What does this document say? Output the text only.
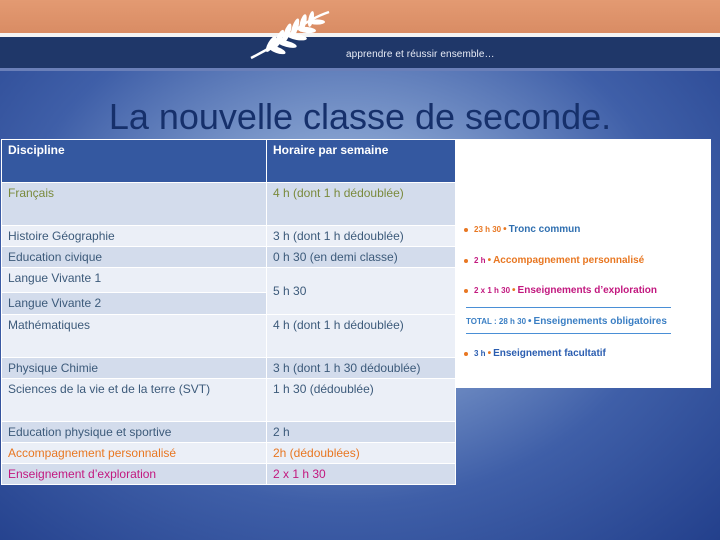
apprendre et réussir ensemble…
La nouvelle classe de seconde.
Discipline	Horaire par semaine
Français	4 h (dont 1 h dédoublée)
Histoire Géographie	3 h (dont 1 h dédoublée)
Education civique	0 h 30 (en demi classe)
Langue Vivante 1	5 h 30
Langue Vivante 2	
Mathématiques	4 h (dont 1 h dédoublée)
Physique Chimie	3 h (dont 1 h 30 dédoublée)
Sciences de la vie et de la terre (SVT)	1 h 30 (dédoublée)
Education physique et sportive	2 h
Accompagnement personnalisé	2h (dédoublées)
Enseignement d’exploration	2 x 1 h 30
23 h 30 • Tronc commun
2 h • Accompagnement personnalisé
2 x 1 h 30 • Enseignements d’exploration
TOTAL : 28 h 30 • Enseignements obligatoires
3 h • Enseignement facultatif
